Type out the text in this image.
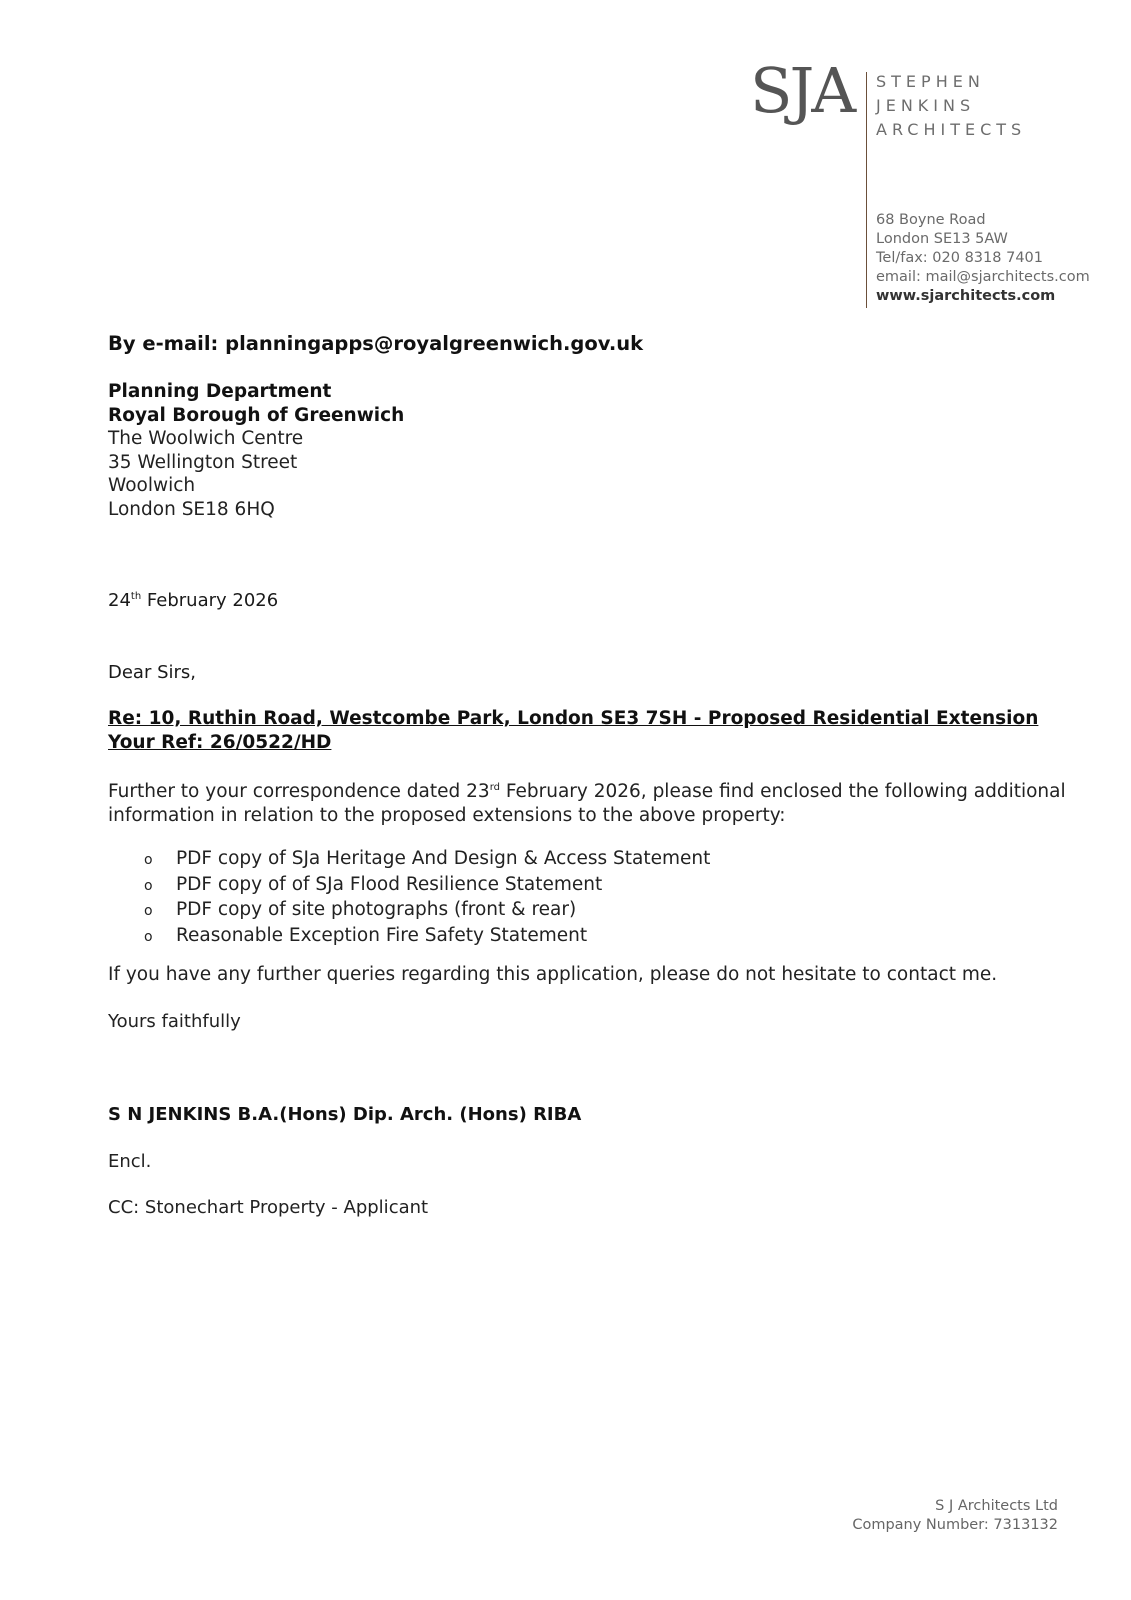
SJA STEPHEN
JENKINS
ARCHITECTS
68 Boyne Road
London SE13 5AW
Tel/fax: 020 8318 7401
email: mail@sjarchitects.com
www.sjarchitects.com
By e-mail: planningapps@royalgreenwich.gov.uk
Planning Department
Royal Borough of Greenwich
The Woolwich Centre
35 Wellington Street
Woolwich
London SE18 6HQ
24th February 2026
Dear Sirs,
Re: 10, Ruthin Road, Westcombe Park, London SE3 7SH - Proposed Residential Extension
Your Ref: 26/0522/HD
Further to your correspondence dated 23rd February 2026, please find enclosed the following additional information in relation to the proposed extensions to the above property:
o PDF copy of SJa Heritage And Design & Access Statement
o PDF copy of of SJa Flood Resilience Statement
o PDF copy of site photographs (front & rear)
o Reasonable Exception Fire Safety Statement
If you have any further queries regarding this application, please do not hesitate to contact me.
Yours faithfully
S N JENKINS B.A.(Hons) Dip. Arch. (Hons) RIBA
Encl.
CC: Stonechart Property - Applicant
S J Architects Ltd
Company Number: 7313132
